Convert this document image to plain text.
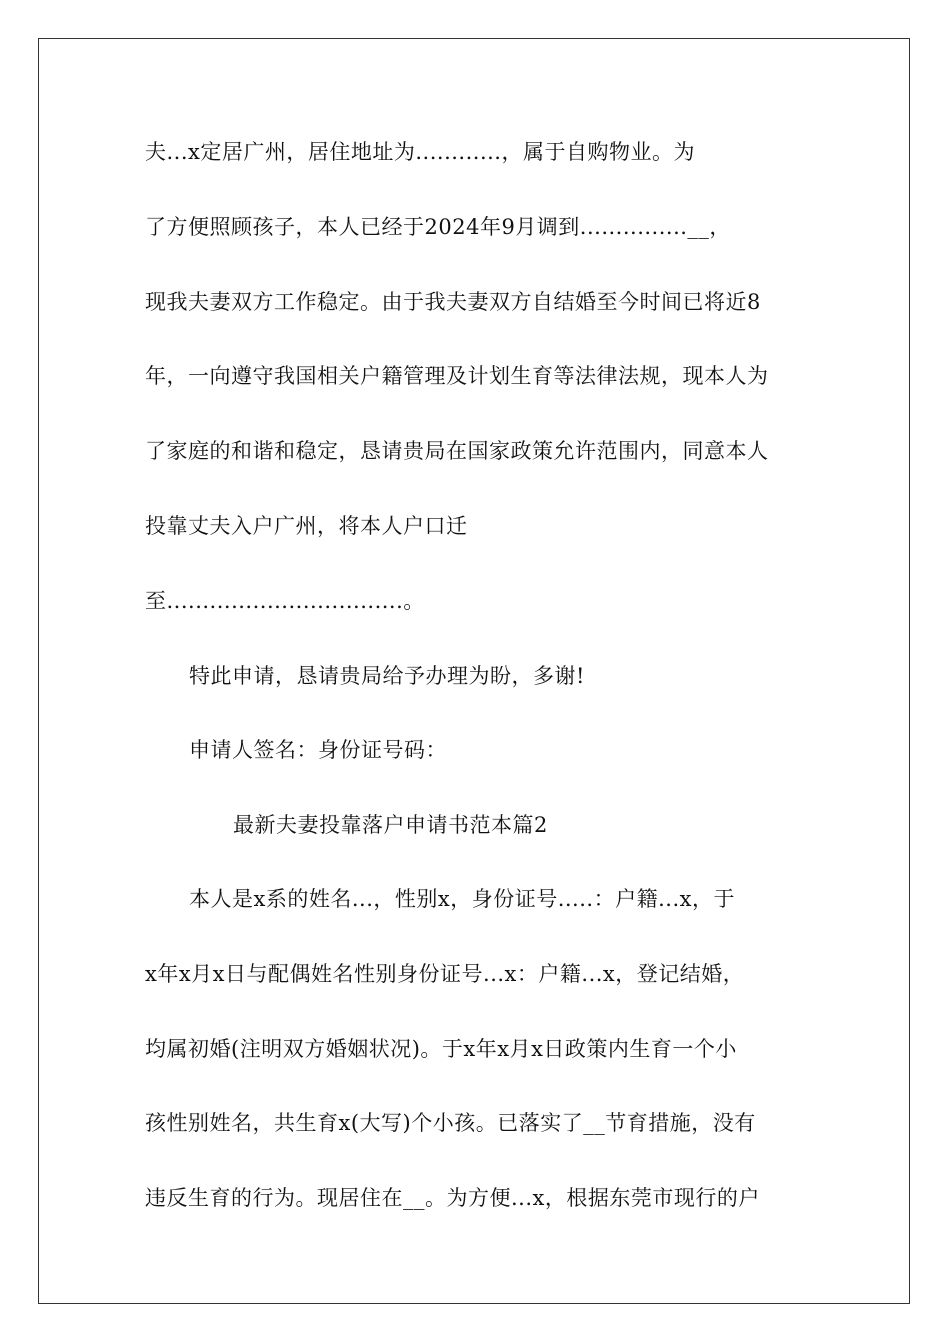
夫...x定居广州，居住地址为............，属于自购物业。为
了方便照顾孩子，本人已经于2024年9月调到...............__，
现我夫妻双方工作稳定。由于我夫妻双方自结婚至今时间已将近8
年，一向遵守我国相关户籍管理及计划生育等法律法规，现本人为
了家庭的和谐和稳定，恳请贵局在国家政策允许范围内，同意本人
投靠丈夫入户广州，将本人户口迁
至.................................。
特此申请，恳请贵局给予办理为盼，多谢!
申请人签名：身份证号码：
最新夫妻投靠落户申请书范本篇2
本人是x系的姓名...，性别x，身份证号.....：户籍...x，于
x年x月x日与配偶姓名性别身份证号...x：户籍...x，登记结婚，
均属初婚(注明双方婚姻状况)。于x年x月x日政策内生育一个小
孩性别姓名，共生育x(大写)个小孩。已落实了__节育措施，没有
违反生育的行为。现居住在__。为方便...x，根据东莞市现行的户
